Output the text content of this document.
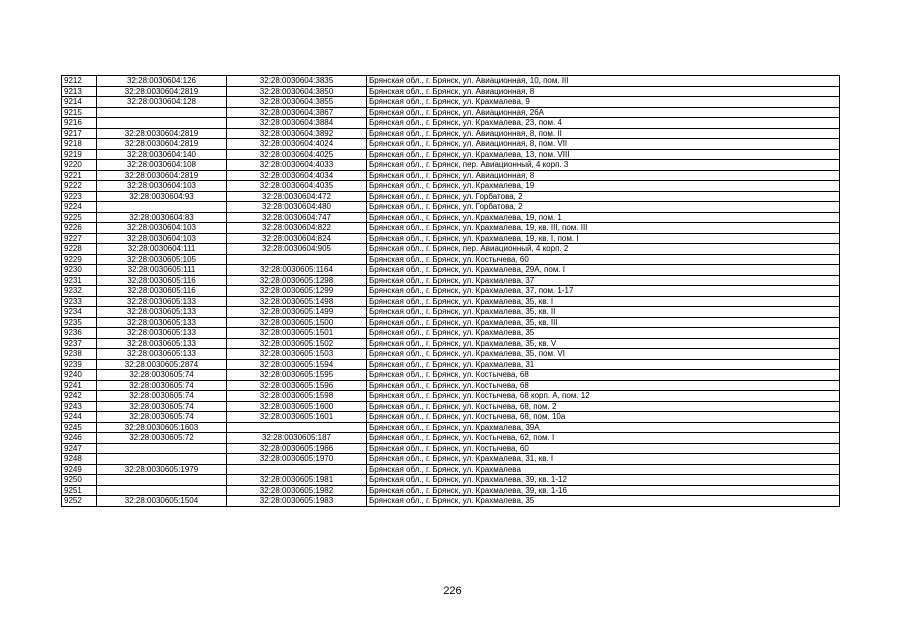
9212	32:28:0030604:126	32:28:0030604:3835	Брянская обл., г. Брянск, ул. Авиационная, 10, пом. III
9213	32:28:0030604:2819	32:28:0030604:3850	Брянская обл., г. Брянск, ул. Авиационная, 8
9214	32:28:0030604:128	32:28:0030604:3855	Брянская обл., г. Брянск, ул. Крахмалева, 9
9215		32:28:0030604:3867	Брянская обл., г. Брянск, ул. Авиационная, 26А
9216		32:28:0030604:3884	Брянская обл., г. Брянск, ул. Крахмалева, 23, пом. 4
9217	32:28:0030604:2819	32:28:0030604:3892	Брянская обл., г. Брянск, ул. Авиационная, 8, пом. II
9218	32:28:0030604:2819	32:28:0030604:4024	Брянская обл., г. Брянск, ул. Авиационная, 8, пом. VII
9219	32:28:0030604:140	32:28:0030604:4025	Брянская обл., г. Брянск, ул. Крахмалева, 13, пом. VIII
9220	32:28:0030604:108	32:28:0030604:4033	Брянская обл., г. Брянск, пер. Авиационный, 4 корп. 3
9221	32:28:0030604:2819	32:28:0030604:4034	Брянская обл., г. Брянск, ул. Авиационная, 8
9222	32:28:0030604:103	32:28:0030604:4035	Брянская обл., г. Брянск, ул. Крахмалева, 19
9223	32:28:0030604:93	32:28:0030604:472	Брянская обл., г. Брянск, ул. Горбатова, 2
9224		32:28:0030604:480	Брянская обл., г. Брянск, ул. Горбатова, 2
9225	32:28:0030604:83	32:28:0030604:747	Брянская обл., г. Брянск, ул. Крахмалева, 19, пом. 1
9226	32:28:0030604:103	32:28:0030604:822	Брянская обл., г. Брянск, ул. Крахмалева, 19, кв. III, пом. III
9227	32:28:0030604:103	32:28:0030604:824	Брянская обл., г. Брянск, ул. Крахмалева, 19, кв. I, пом. I
9228	32:28:0030604:111	32:28:0030604:905	Брянская обл., г. Брянск, пер. Авиационный, 4 корп. 2
9229	32:28:0030605:105		Брянская обл., г. Брянск, ул. Костычева, 60
9230	32:28:0030605:111	32:28:0030605:1164	Брянская обл., г. Брянск, ул. Крахмалева, 29А, пом. I
9231	32:28:0030605:116	32:28:0030605:1298	Брянская обл., г. Брянск, ул. Крахмалева, 37
9232	32:28:0030605:116	32:28:0030605:1299	Брянская обл., г. Брянск, ул. Крахмалева, 37, пом. 1-17
9233	32:28:0030605:133	32:28:0030605:1498	Брянская обл., г. Брянск, ул. Крахмалева, 35, кв. I
9234	32:28:0030605:133	32:28:0030605:1499	Брянская обл., г. Брянск, ул. Крахмалева, 35, кв. II
9235	32:28:0030605:133	32:28:0030605:1500	Брянская обл., г. Брянск, ул. Крахмалева, 35, кв. III
9236	32:28:0030605:133	32:28:0030605:1501	Брянская обл., г. Брянск, ул. Крахмалева, 35
9237	32:28:0030605:133	32:28:0030605:1502	Брянская обл., г. Брянск, ул. Крахмалева, 35, кв. V
9238	32:28:0030605:133	32:28:0030605:1503	Брянская обл., г. Брянск, ул. Крахмалева, 35, пом. VI
9239	32:28:0030605:2874	32:28:0030605:1594	Брянская обл., г. Брянск, ул. Крахмалева, 31
9240	32:28:0030605:74	32:28:0030605:1595	Брянская обл., г. Брянск, ул. Костычева, 68
9241	32:28:0030605:74	32:28:0030605:1596	Брянская обл., г. Брянск, ул. Костычева, 68
9242	32:28:0030605:74	32:28:0030605:1598	Брянская обл., г. Брянск, ул. Костычева, 68 корп. А, пом. 12
9243	32:28:0030605:74	32:28:0030605:1600	Брянская обл., г. Брянск, ул. Костычева, 68, пом. 2
9244	32:28:0030605:74	32:28:0030605:1601	Брянская обл., г. Брянск, ул. Костычева, 68, пом. 10а
9245	32:28:0030605:1603		Брянская обл., г. Брянск, ул. Крахмалева, 39А
9246	32:28:0030605:72	32:28:0030605:187	Брянская обл., г. Брянск, ул. Костычева, 62, пом. I
9247		32:28:0030605:1966	Брянская обл., г. Брянск, ул. Костычева, 60
9248		32:28:0030605:1970	Брянская обл., г. Брянск, ул. Крахмалева, 31, кв. I
9249	32:28:0030605:1979		Брянская обл., г. Брянск, ул. Крахмалева
9250		32:28:0030605:1981	Брянская обл., г. Брянск, ул. Крахмалева, 39, кв. 1-12
9251		32:28:0030605:1982	Брянская обл., г. Брянск, ул. Крахмалева, 39, кв. 1-16
9252	32:28:0030605:1504	32:28:0030605:1983	Брянская обл., г. Брянск, ул. Крахмалева, 35
226
